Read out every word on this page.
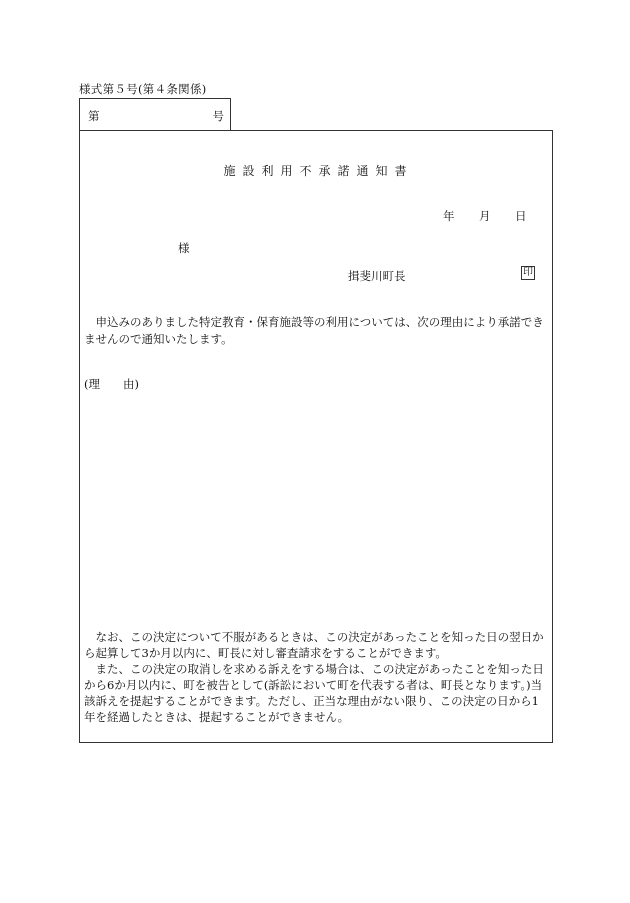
様式第５号(第４条関係)
第	号
施設利用不承諾通知書
年 月 日
様
揖斐川町長	印
　申込みのありました特定教育・保育施設等の利用については、次の理由により承諾できませんので通知いたします。
(理　　由)

　なお、この決定について不服があるときは、この決定があったことを知った日の翌日から起算して3か月以内に、町長に対し審査請求をすることができます。

　また、この決定の取消しを求める訴えをする場合は、この決定があったことを知った日から6か月以内に、町を被告として(訴訟において町を代表する者は、町長となります。)当該訴えを提起することができます。ただし、正当な理由がない限り、この決定の日から1年を経過したときは、提起することができません。
